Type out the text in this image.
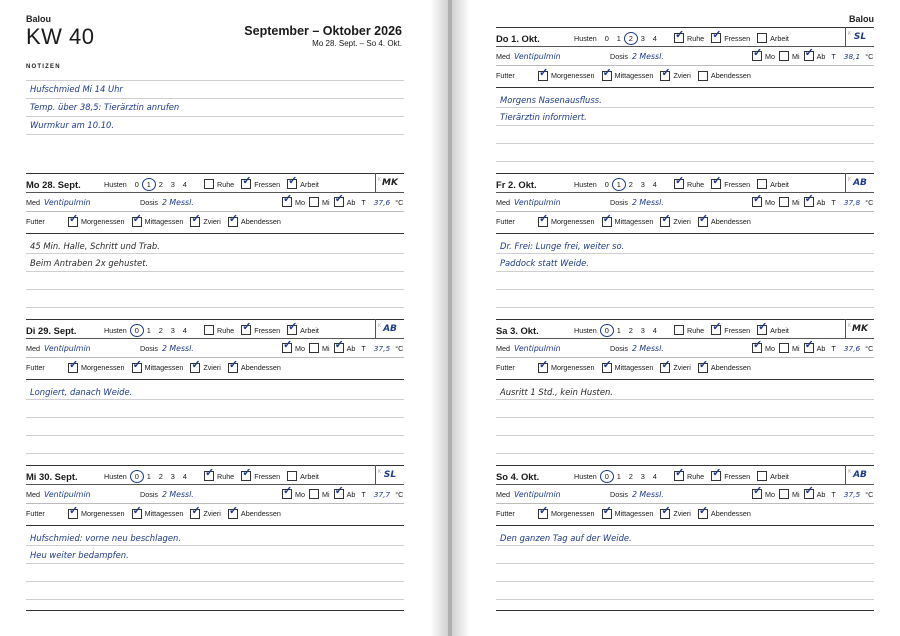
Balou
KW 40	September – Oktober 2026
Mo 28. Sept. – So 4. Okt.
NOTIZEN
Hufschmied Mi 14 Uhr
Temp. über 38,5: Tierärztin anrufen
Wurmkur am 10.10.
Mo 28. Sept.	Husten	0	1	2	3	4	Ruhe ✓	Fressen ✓	Arbeit	K MK
Med Ventipulmin	Dosis 2 Messl. ✓	Mo Mi ✓ Ab T 37,6 °C
Futter ✓	Morgenessen ✓	Mittagessen ✓	Zvieri ✓	Abendessen
45 Min. Halle, Schritt und Trab.
Beim Antraben 2x gehustet.
Di 29. Sept.	Husten	0	1	2	3	4	Ruhe ✓	Fressen ✓	Arbeit	K AB
Med Ventipulmin	Dosis 2 Messl. ✓	Mo Mi ✓ Ab T 37,5 °C
Futter ✓	Morgenessen ✓	Mittagessen ✓	Zvieri ✓	Abendessen
Longiert, danach Weide.
Mi 30. Sept.	Husten	0	1	2	3	4 ✓	Ruhe ✓	Fressen	Arbeit	K SL
Med Ventipulmin	Dosis 2 Messl. ✓	Mo Mi ✓ Ab T 37,7 °C
Futter ✓	Morgenessen ✓	Mittagessen ✓	Zvieri ✓	Abendessen
Hufschmied: vorne neu beschlagen.
Heu weiter bedampfen.
Balou
Do 1. Okt.	Husten	0	1	2	3	4 ✓	Ruhe ✓	Fressen	Arbeit	K SL
Med Ventipulmin	Dosis 2 Messl. ✓	Mo Mi ✓ Ab T 38,1 °C
Futter ✓	Morgenessen ✓	Mittagessen ✓	Zvieri	Abendessen
Morgens Nasenausfluss.
Tierärztin informiert.
Fr 2. Okt.	Husten	0	1	2	3	4 ✓	Ruhe ✓	Fressen	Arbeit	K AB
Med Ventipulmin	Dosis 2 Messl. ✓	Mo Mi ✓ Ab T 37,8 °C
Futter ✓	Morgenessen ✓	Mittagessen ✓	Zvieri ✓	Abendessen
Dr. Frei: Lunge frei, weiter so.
Paddock statt Weide.
Sa 3. Okt.	Husten	0	1	2	3	4	Ruhe ✓	Fressen ✓	Arbeit	K MK
Med Ventipulmin	Dosis 2 Messl. ✓	Mo Mi ✓ Ab T 37,6 °C
Futter ✓	Morgenessen ✓	Mittagessen ✓	Zvieri ✓	Abendessen
Ausritt 1 Std., kein Husten.
So 4. Okt.	Husten	0	1	2	3	4 ✓	Ruhe ✓	Fressen	Arbeit	K AB
Med Ventipulmin	Dosis 2 Messl. ✓	Mo Mi ✓ Ab T 37,5 °C
Futter ✓	Morgenessen ✓	Mittagessen ✓	Zvieri ✓	Abendessen
Den ganzen Tag auf der Weide.
